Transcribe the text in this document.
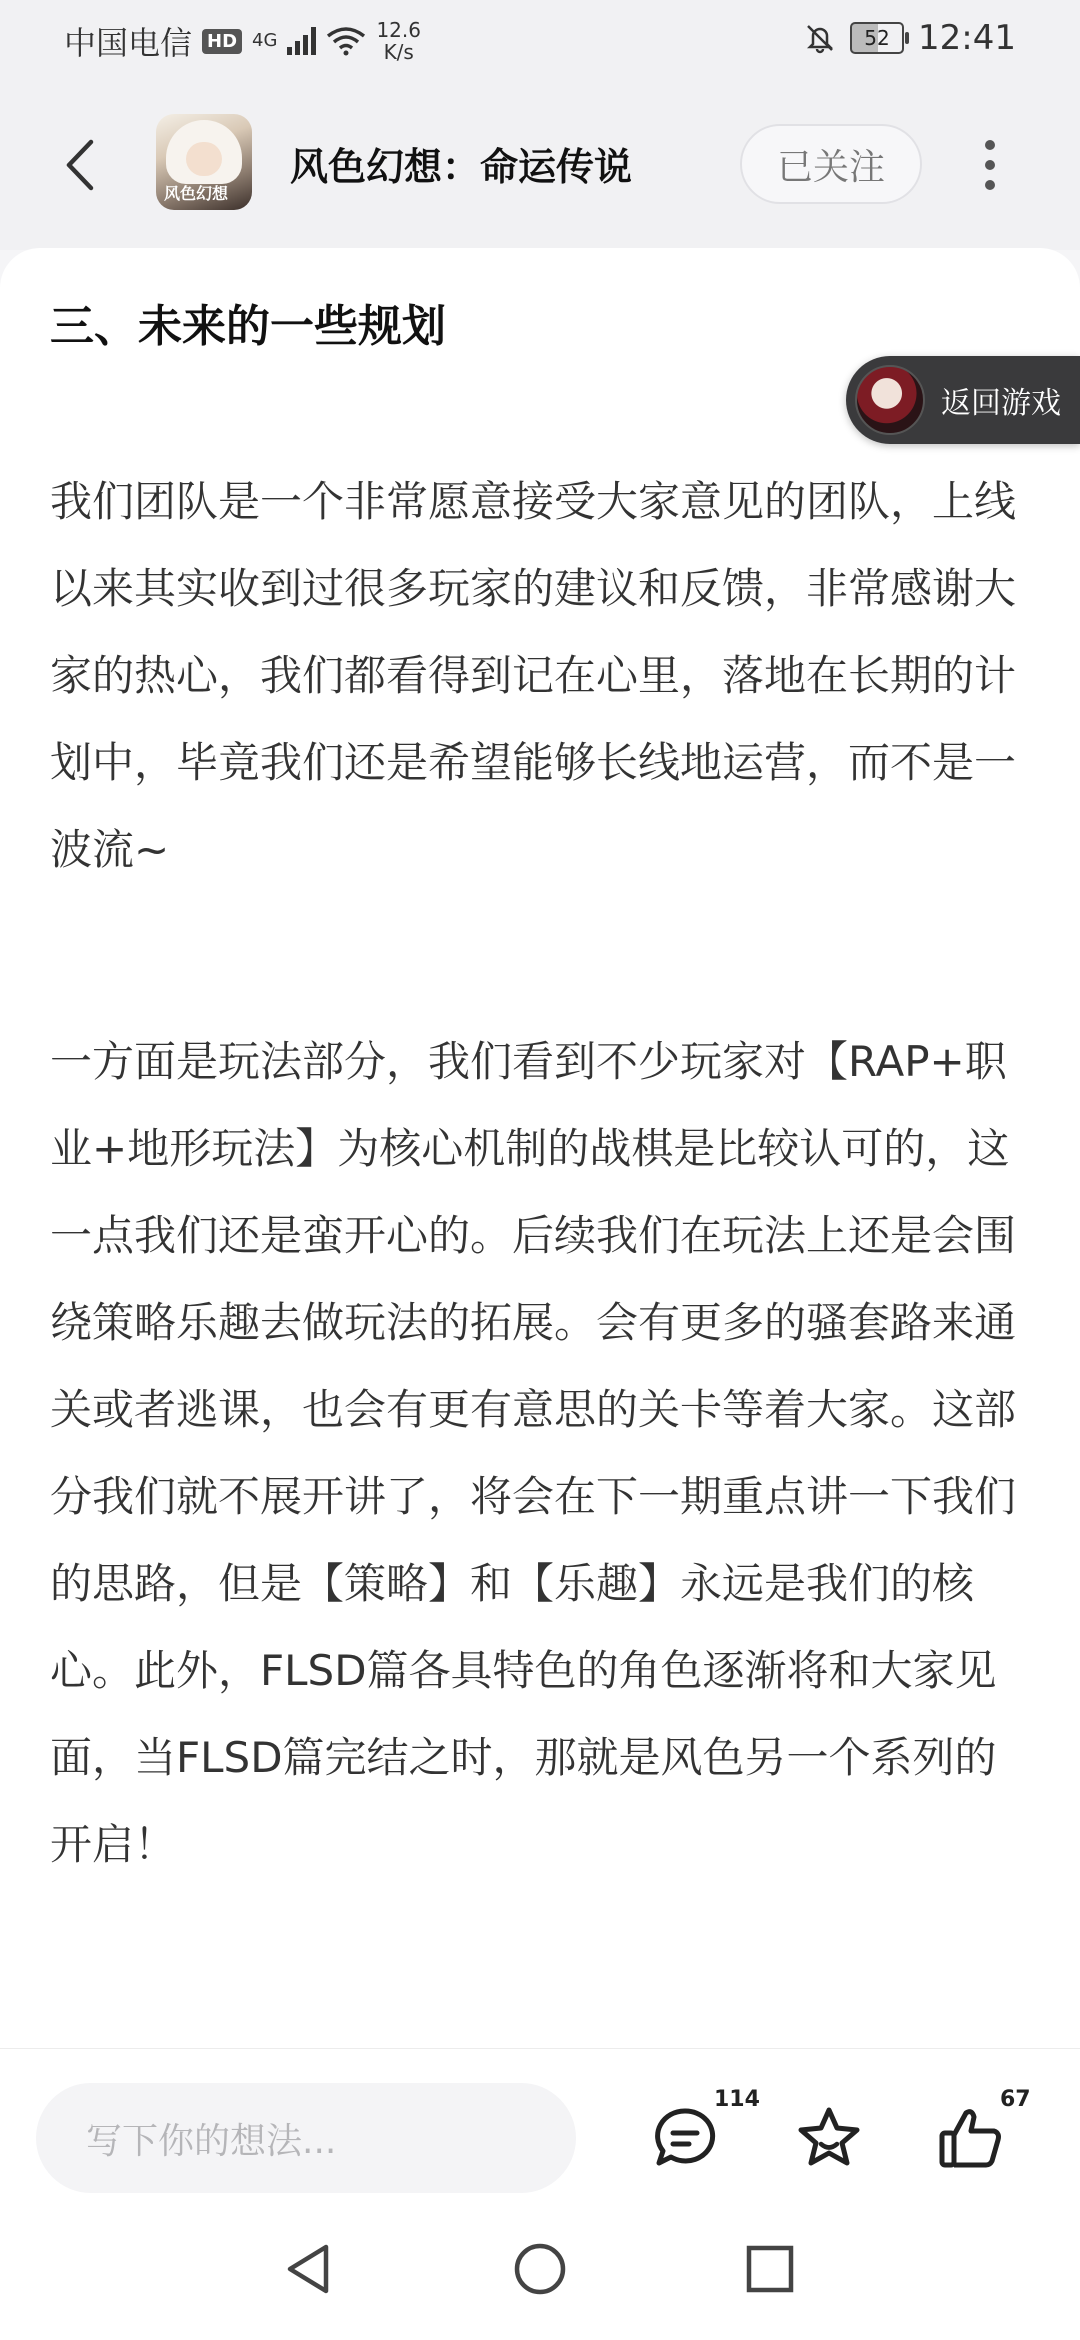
中国电信 HD 4G	12.6
K/s
52 12:41
风色幻想
风色幻想：命运传说	已关注
三、未来的一些规划

我们团队是一个非常愿意接受大家意见的团队，上线以来其实收到过很多玩家的建议和反馈，非常感谢大家的热心，我们都看得到记在心里，落地在长期的计划中，毕竟我们还是希望能够长线地运营，而不是一波流~

一方面是玩法部分，我们看到不少玩家对【RAP+职业+地形玩法】为核心机制的战棋是比较认可的，这一点我们还是蛮开心的。后续我们在玩法上还是会围绕策略乐趣去做玩法的拓展。会有更多的骚套路来通关或者逃课，也会有更有意思的关卡等着大家。这部分我们就不展开讲了，将会在下一期重点讲一下我们的思路，但是【策略】和【乐趣】永远是我们的核心。此外，FLSD篇各具特色的角色逐渐将和大家见面，当FLSD篇完结之时，那就是风色另一个系列的开启！

返回游戏
写下你的想法...
114	67
